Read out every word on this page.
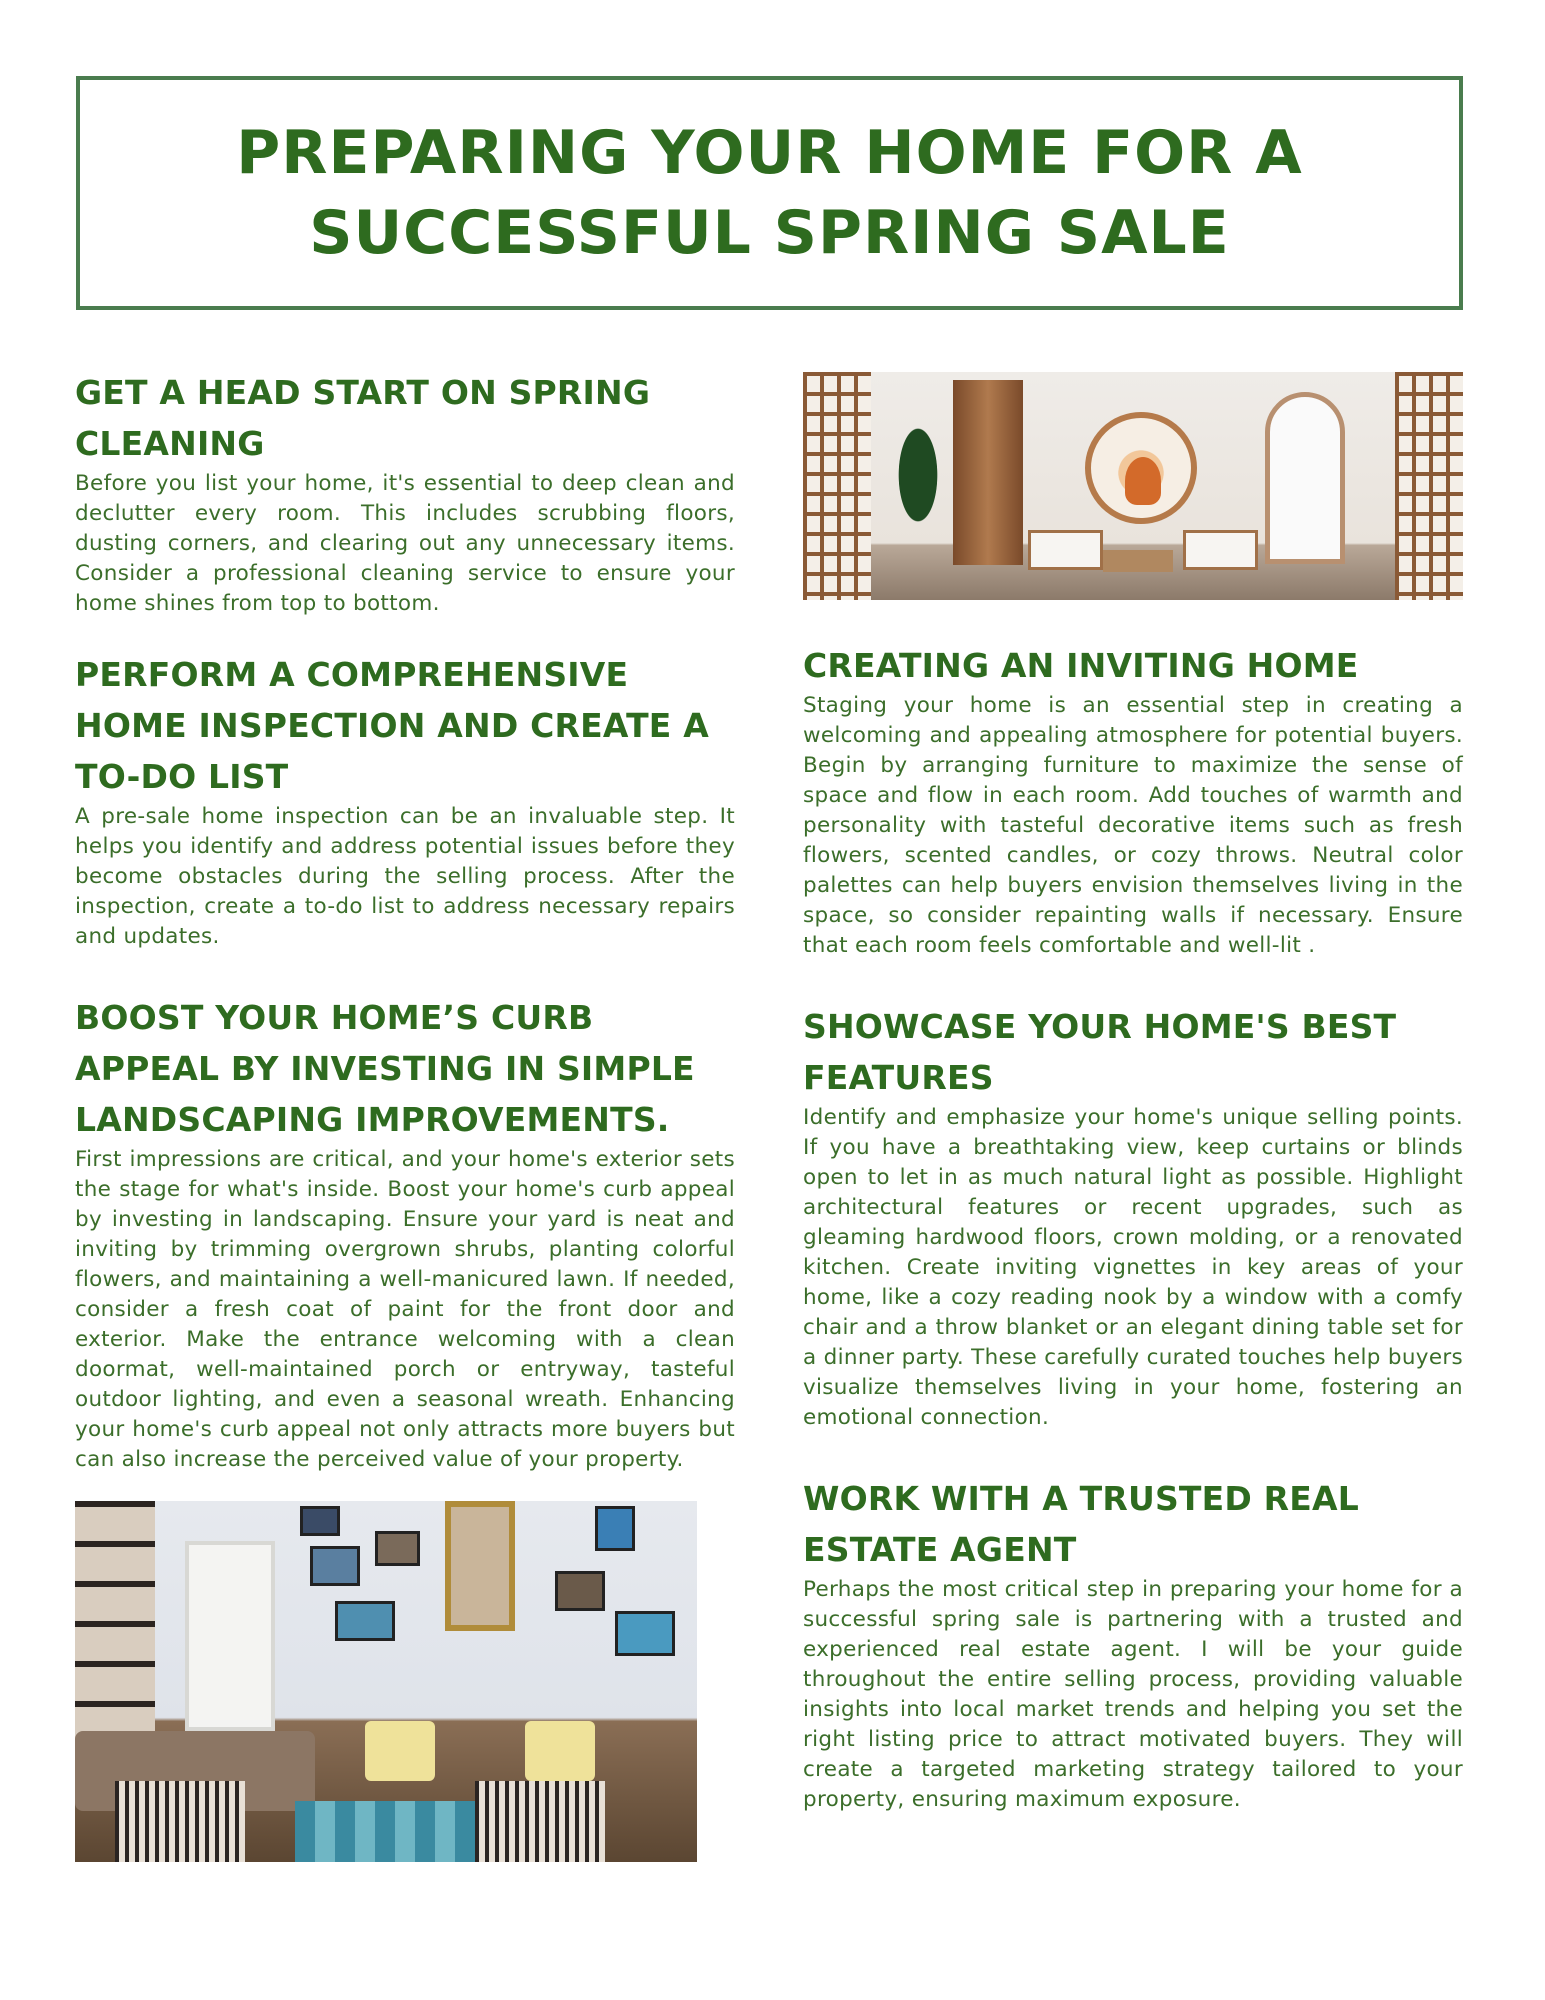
PREPARING YOUR HOME FOR A
SUCCESSFUL SPRING SALE
GET A HEAD START ON SPRING CLEANING

Before you list your home, it's essential to deep clean and declutter every room. This includes scrubbing floors, dusting corners, and clearing out any unnecessary items. Consider a professional cleaning service to ensure your home shines from top to bottom.

PERFORM A COMPREHENSIVE HOME INSPECTION AND CREATE A TO-DO LIST

A pre-sale home inspection can be an invaluable step. It helps you identify and address potential issues before they become obstacles during the selling process. After the inspection, create a to-do list to address necessary repairs and updates.

BOOST YOUR HOME’S CURB APPEAL BY INVESTING IN SIMPLE LANDSCAPING IMPROVEMENTS.

First impressions are critical, and your home's exterior sets the stage for what's inside. Boost your home's curb appeal by investing in landscaping. Ensure your yard is neat and inviting by trimming overgrown shrubs, planting colorful flowers, and maintaining a well-manicured lawn. If needed, consider a fresh coat of paint for the front door and exterior. Make the entrance welcoming with a clean doormat, well-maintained porch or entryway, tasteful outdoor lighting, and even a seasonal wreath. Enhancing your home's curb appeal not only attracts more buyers but can also increase the perceived value of your property.

CREATING AN INVITING HOME

Staging your home is an essential step in creating a welcoming and appealing atmosphere for potential buyers. Begin by arranging furniture to maximize the sense of space and flow in each room. Add touches of warmth and personality with tasteful decorative items such as fresh flowers, scented candles, or cozy throws. Neutral color palettes can help buyers envision themselves living in the space, so consider repainting walls if necessary. Ensure that each room feels comfortable and well-lit .

SHOWCASE YOUR HOME'S BEST FEATURES

Identify and emphasize your home's unique selling points. If you have a breathtaking view, keep curtains or blinds open to let in as much natural light as possible. Highlight architectural features or recent upgrades, such as gleaming hardwood floors, crown molding, or a renovated kitchen. Create inviting vignettes in key areas of your home, like a cozy reading nook by a window with a comfy chair and a throw blanket or an elegant dining table set for a dinner party. These carefully curated touches help buyers visualize themselves living in your home, fostering an emotional connection.

WORK WITH A TRUSTED REAL ESTATE AGENT

Perhaps the most critical step in preparing your home for a successful spring sale is partnering with a trusted and experienced real estate agent. I will be your guide throughout the entire selling process, providing valuable insights into local market trends and helping you set the right listing price to attract motivated buyers. They will create a targeted marketing strategy tailored to your property, ensuring maximum exposure.
